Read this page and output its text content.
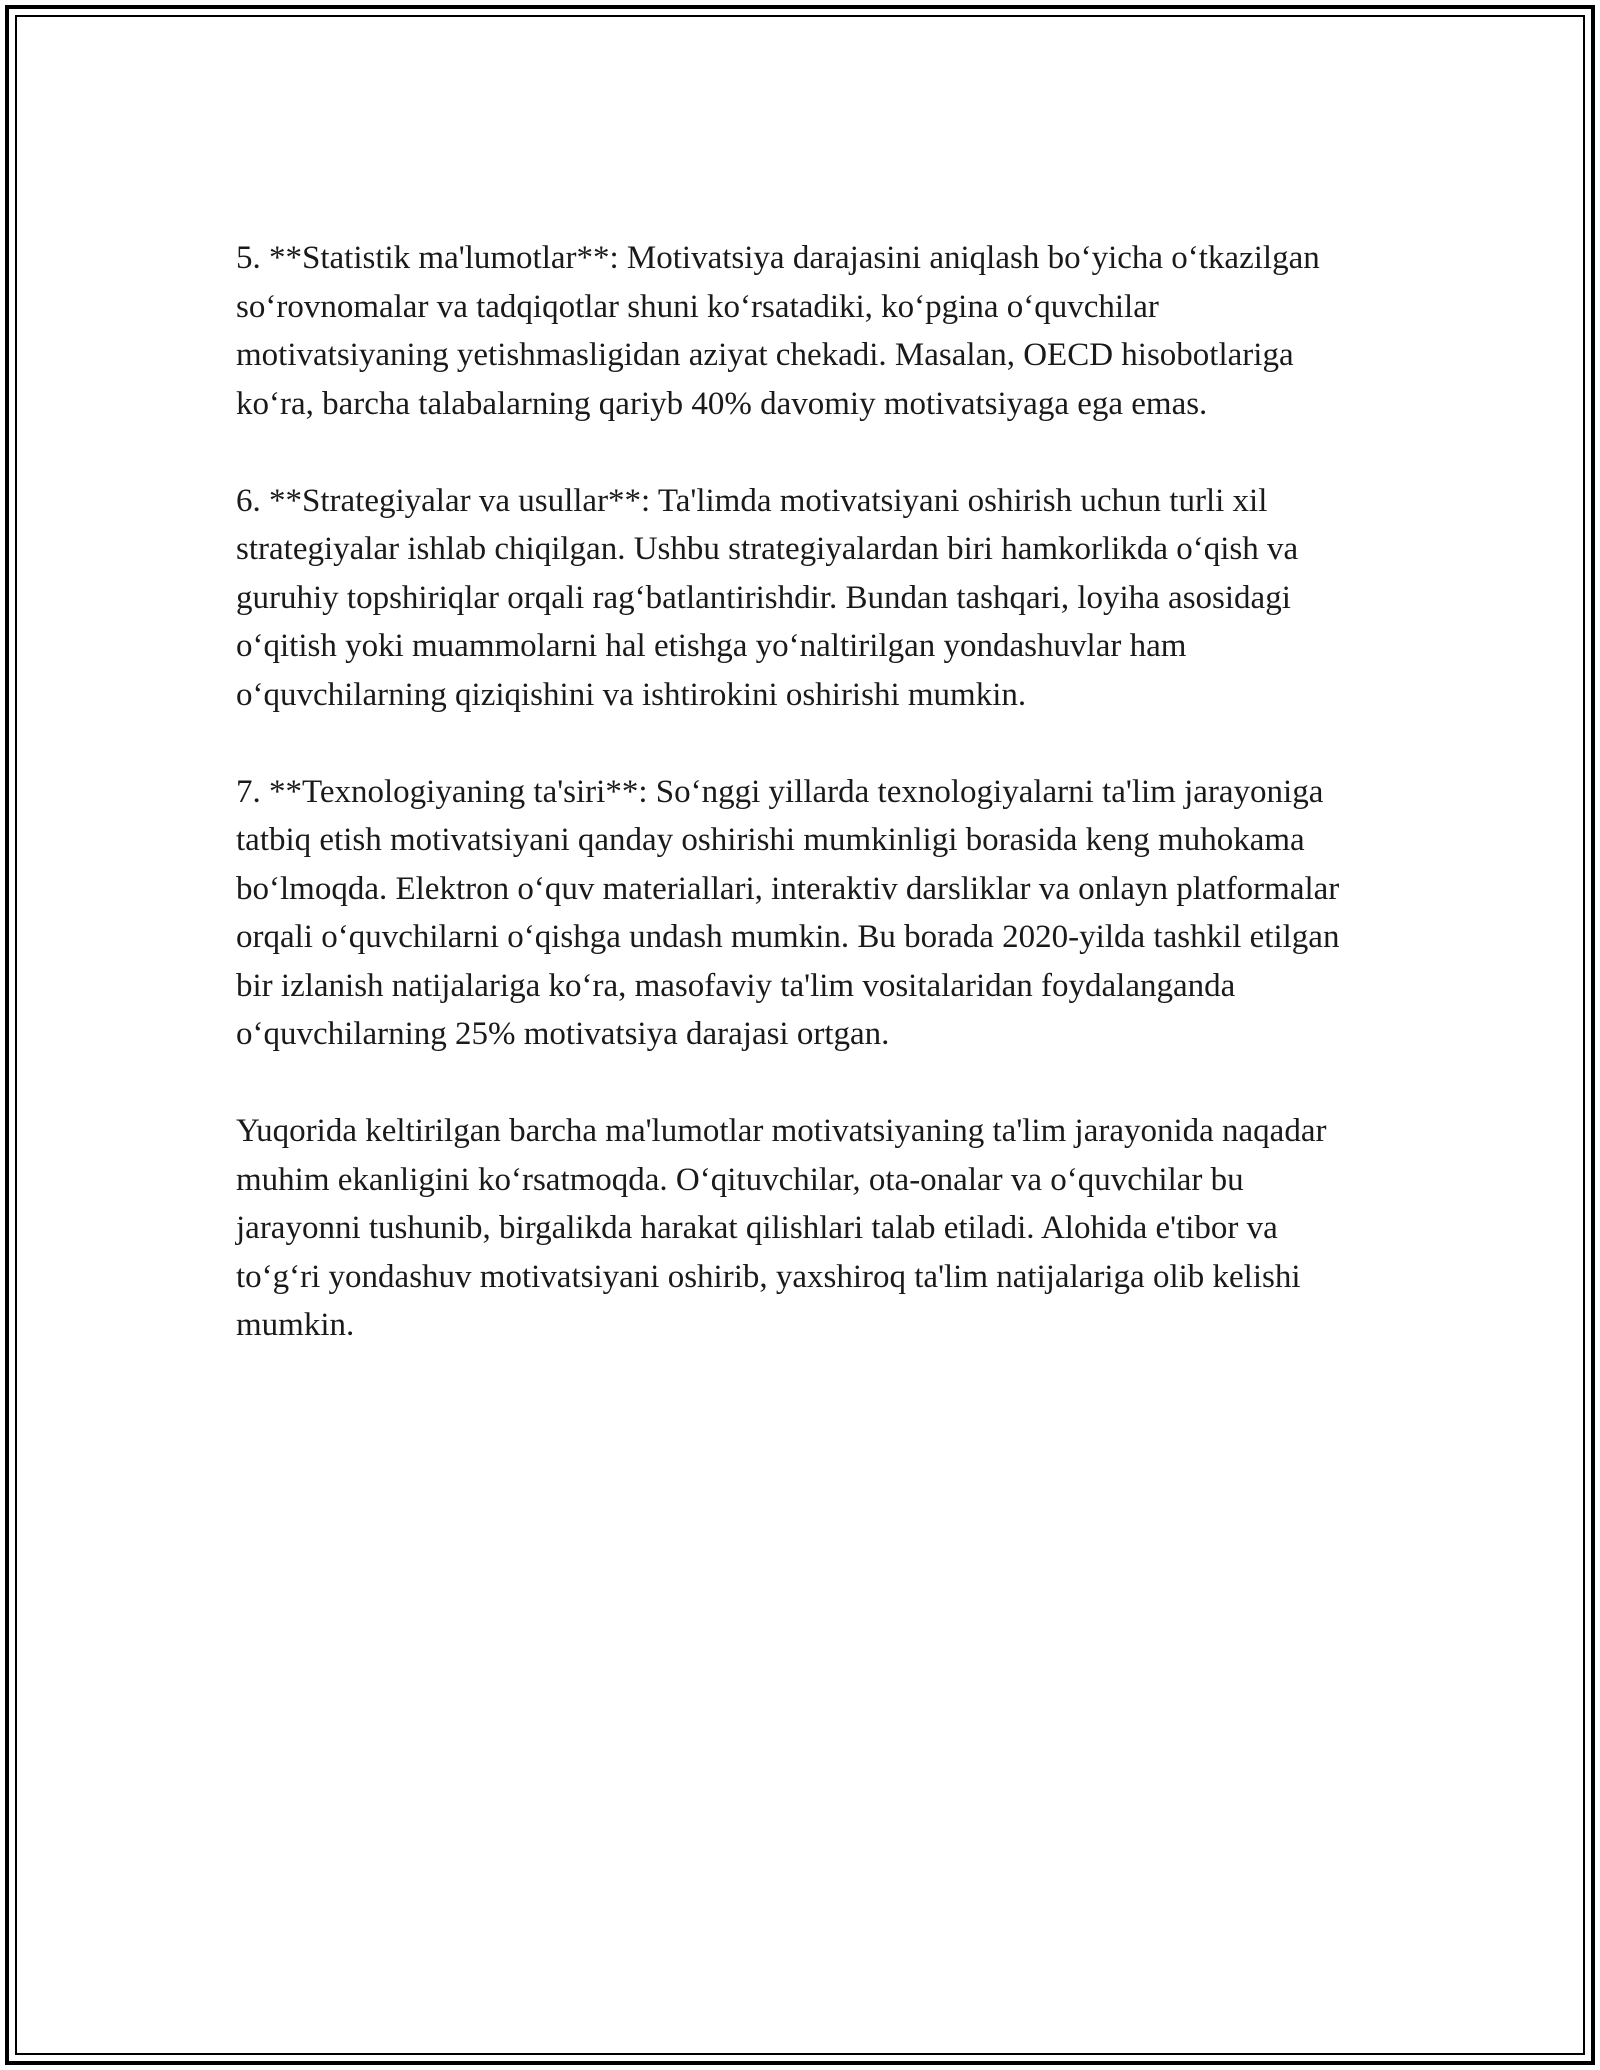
5. **Statistik ma'lumotlar**: Motivatsiya darajasini aniqlash bo‘yicha o‘tkazilgan so‘rovnomalar va tadqiqotlar shuni ko‘rsatadiki, ko‘pgina o‘quvchilar motivatsiyaning yetishmasligidan aziyat chekadi. Masalan, OECD hisobotlariga ko‘ra, barcha talabalarning qariyb 40% davomiy motivatsiyaga ega emas.

6. **Strategiyalar va usullar**: Ta'limda motivatsiyani oshirish uchun turli xil strategiyalar ishlab chiqilgan. Ushbu strategiyalardan biri hamkorlikda o‘qish va guruhiy topshiriqlar orqali rag‘batlantirishdir. Bundan tashqari, loyiha asosidagi o‘qitish yoki muammolarni hal etishga yo‘naltirilgan yondashuvlar ham o‘quvchilarning qiziqishini va ishtirokini oshirishi mumkin.

7. **Texnologiyaning ta'siri**: So‘nggi yillarda texnologiyalarni ta'lim jarayoniga tatbiq etish motivatsiyani qanday oshirishi mumkinligi borasida keng muhokama bo‘lmoqda. Elektron o‘quv materiallari, interaktiv darsliklar va onlayn platformalar orqali o‘quvchilarni o‘qishga undash mumkin. Bu borada 2020-yilda tashkil etilgan bir izlanish natijalariga ko‘ra, masofaviy ta'lim vositalaridan foydalanganda o‘quvchilarning 25% motivatsiya darajasi ortgan.

Yuqorida keltirilgan barcha ma'lumotlar motivatsiyaning ta'lim jarayonida naqadar muhim ekanligini ko‘rsatmoqda. O‘qituvchilar, ota-onalar va o‘quvchilar bu jarayonni tushunib, birgalikda harakat qilishlari talab etiladi. Alohida e'tibor va to‘g‘ri yondashuv motivatsiyani oshirib, yaxshiroq ta'lim natijalariga olib kelishi mumkin.
